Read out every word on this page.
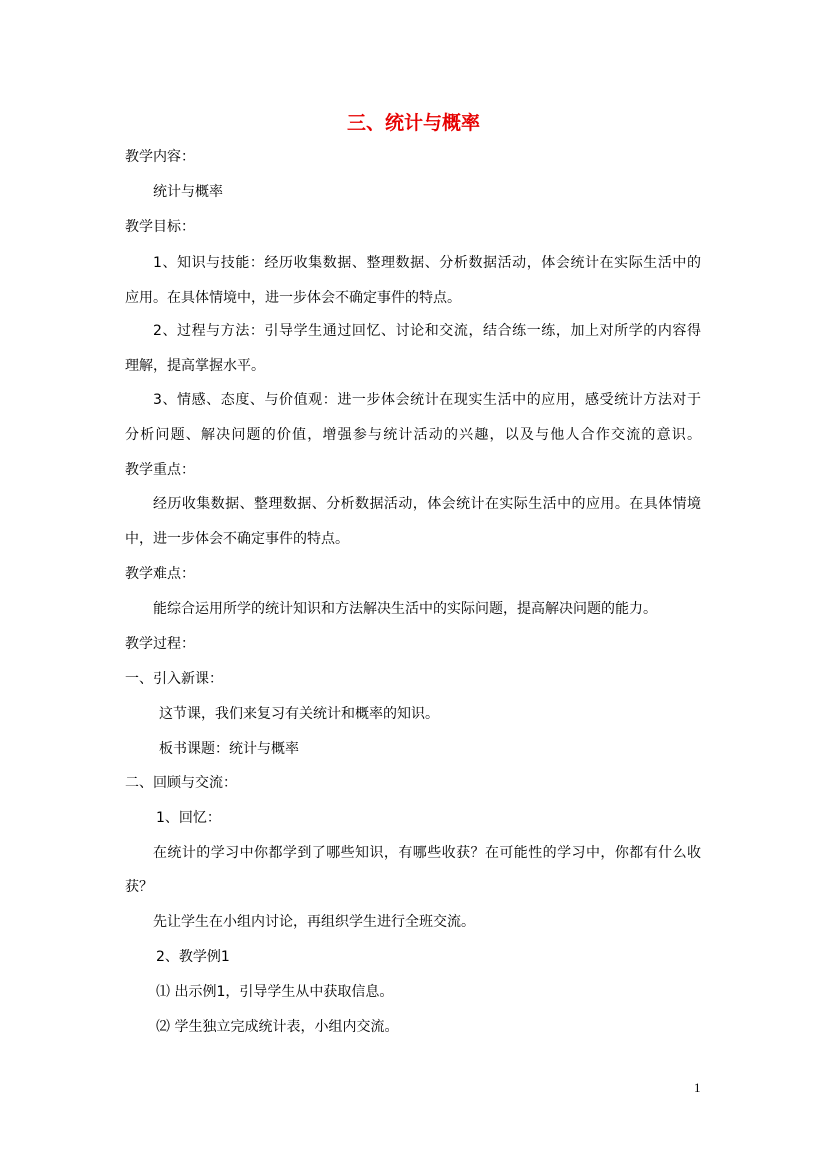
三、统计与概率
教学内容：
统计与概率
教学目标：
1、知识与技能：经历收集数据、整理数据、分析数据活动，体会统计在实际生活中的
应用。在具体情境中，进一步体会不确定事件的特点。
2、过程与方法：引导学生通过回忆、讨论和交流，结合练一练，加上对所学的内容得
理解，提高掌握水平。
3、情感、态度、与价值观：进一步体会统计在现实生活中的应用，感受统计方法对于
分析问题、解决问题的价值，增强参与统计活动的兴趣，以及与他人合作交流的意识。
教学重点：
经历收集数据、整理数据、分析数据活动，体会统计在实际生活中的应用。在具体情境
中，进一步体会不确定事件的特点。
教学难点：
能综合运用所学的统计知识和方法解决生活中的实际问题，提高解决问题的能力。
教学过程：
一、引入新课：
这节课，我们来复习有关统计和概率的知识。
板书课题：统计与概率
二、回顾与交流：
1、回忆：
在统计的学习中你都学到了哪些知识，有哪些收获？在可能性的学习中，你都有什么收
获？
先让学生在小组内讨论，再组织学生进行全班交流。
2、教学例1
⑴ 出示例1，引导学生从中获取信息。
⑵ 学生独立完成统计表，小组内交流。
1
